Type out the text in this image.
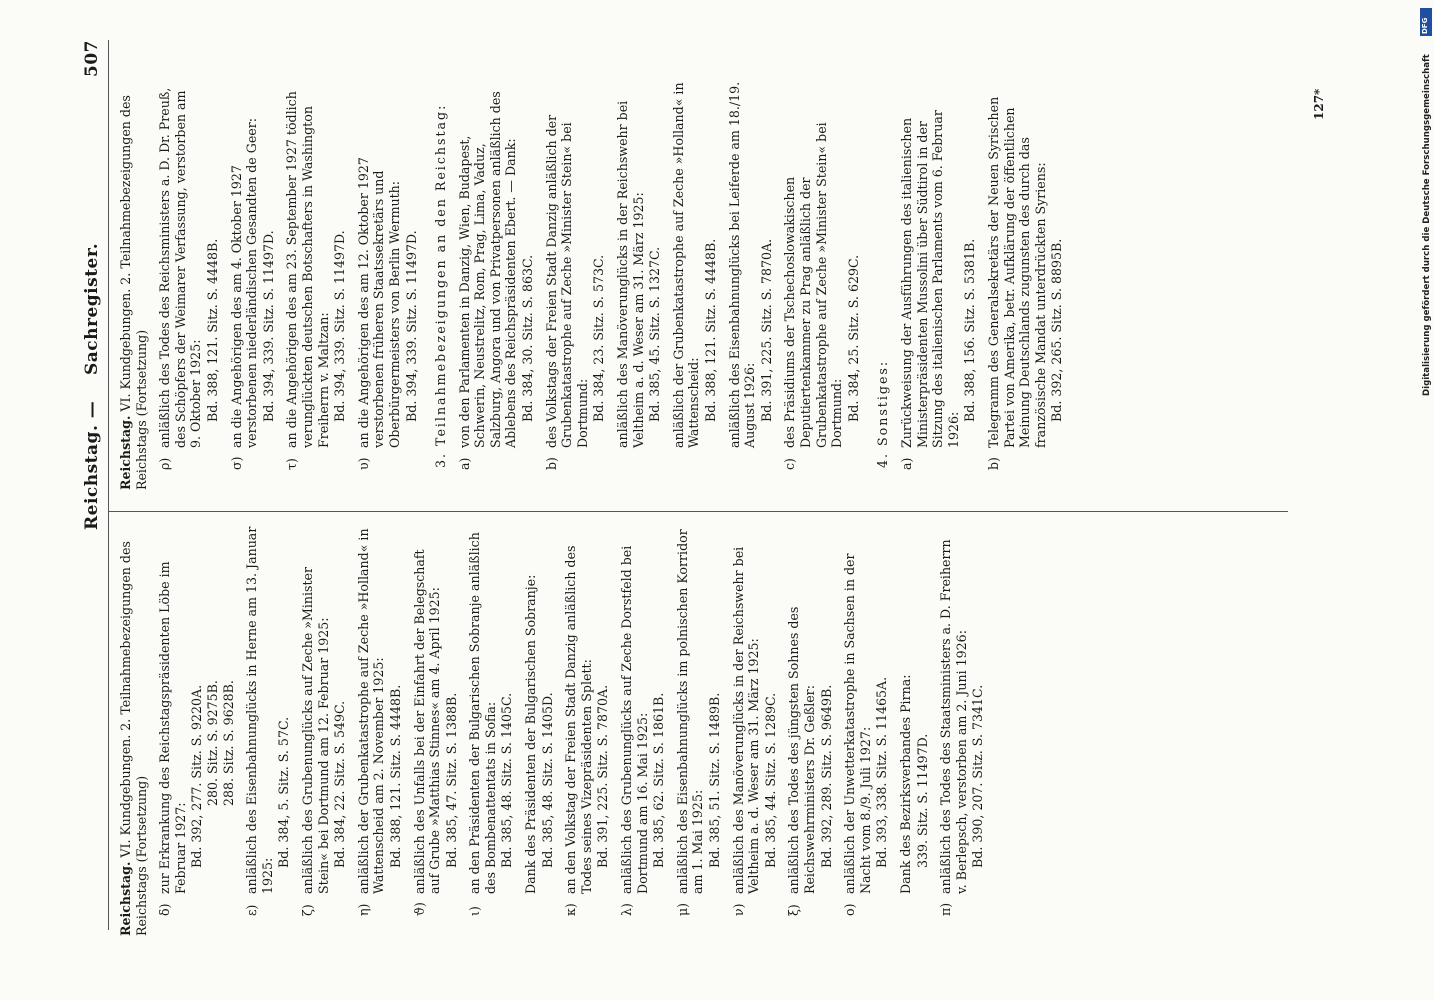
Reichstag. —
Sachregister.
507

Reichstag. VI. Kundgebungen. 2. Teilnahmebezeigungen des Reichstags (Fortsetzung) δ)
zur Erkrankung des Reichstagspräsidenten Löbe im Februar 1927: Bd. 392, 277. Sitz. S. 9220A. 280. Sitz. S. 9275B. 288. Sitz. S. 9628B.
ε)
anläßlich des Eisenbahnunglücks in Herne am 13. Januar 1925:
Bd. 384, 5. Sitz. S. 57C.
ζ)
anläßlich des Grubenunglücks auf Zeche »Minister Stein« bei Dortmund am 12. Februar 1925: Bd. 384, 22. Sitz. S. 549C.
η)
anläßlich der Grubenkatastrophe auf Zeche »Holland« in Wattenscheid am 2. November 1925: Bd. 388, 121. Sitz. S. 4448B.
ϑ)
anläßlich des Unfalls bei der Einfahrt der Belegschaft auf Grube »Matthias Stinnes« am 4. April 1925: Bd. 385, 47. Sitz. S. 1388B.
ι)
an den Präsidenten der Bulgarischen Sobranje anläßlich des Bombenattentats in Sofia: Bd. 385, 48. Sitz. S. 1405C. Dank des Präsidenten der Bulgarischen Sobranje: Bd. 385, 48. Sitz. S. 1405D.
κ)
an den Volkstag der Freien Stadt Danzig anläßlich des Todes seines Vizepräsidenten Splett: Bd. 391, 225. Sitz. S. 7870A.
λ)
anläßlich des Grubenunglücks auf Zeche Dorstfeld bei Dortmund am 16. Mai 1925: Bd. 385, 62. Sitz. S. 1861B.
μ)
anläßlich des Eisenbahnunglücks im polnischen Korridor am 1. Mai 1925: Bd. 385, 51. Sitz. S. 1489B.
ν)
anläßlich des Manöverunglücks in der Reichswehr bei Veltheim a. d. Weser am 31. März 1925: Bd. 385, 44. Sitz. S. 1289C.
ξ)
anläßlich des Todes des jüngsten Sohnes des Reichswehrministers Dr. Geßler: Bd. 392, 289. Sitz. S. 9649B.
ο)
anläßlich der Unwetterkatastrophe in Sachsen in der Nacht vom 8./9. Juli 1927: Bd. 393, 338. Sitz. S. 11465A. Dank des Bezirksverbandes Pirna: 339. Sitz. S. 11497D.
π)
anläßlich des Todes des Staatsministers a. D. Freiherrn v. Berlepsch, verstorben am 2. Juni 1926: Bd. 390, 207. Sitz. S. 7341C.

Reichstag. VI. Kundgebungen. 2. Teilnahmebezeigungen des Reichstags (Fortsetzung) ρ)
anläßlich des Todes des Reichsministers a. D. Dr. Preuß, des Schöpfers der Weimarer Verfassung, verstorben am 9. Oktober 1925: Bd. 388, 121. Sitz. S. 4448B.
σ)
an die Angehörigen des am 4. Oktober 1927 verstorbenen niederländischen Gesandten de Geer: Bd. 394, 339. Sitz. S. 11497D.
τ)
an die Angehörigen des am 23. September 1927 tödlich verunglückten deutschen Botschafters in Washington Freiherrn v. Maltzan: Bd. 394, 339. Sitz. S. 11497D.
υ)
an die Angehörigen des am 12. Oktober 1927 verstorbenen früheren Staatssekretärs und Oberbürgermeisters von Berlin Wermuth: Bd. 394, 339. Sitz. S. 11497D. 3. Teilnahmebezeigungen an den Reichstag: a)
von den Parlamenten in Danzig, Wien, Budapest, Schwerin, Neustrelitz, Rom, Prag, Lima, Vaduz, Salzburg, Angora und von Privatpersonen anläßlich des Ablebens des Reichspräsidenten Ebert. — Dank: Bd. 384, 30. Sitz. S. 863C.
b)
des Volkstags der Freien Stadt Danzig anläßlich der Grubenkatastrophe auf Zeche »Minister Stein« bei Dortmund: Bd. 384, 23. Sitz. S. 573C. anläßlich des Manöverunglücks in der Reichswehr bei Veltheim a. d. Weser am 31. März 1925: Bd. 385, 45. Sitz. S. 1327C. anläßlich der Grubenkatastrophe auf Zeche »Holland« in Wattenscheid: Bd. 388, 121. Sitz. S. 4448B. anläßlich des Eisenbahnunglücks bei Leiferde am 18./19. August 1926: Bd. 391, 225. Sitz. S. 7870A.
c)
des Präsidiums der Tschechoslowakischen Deputiertenkammer zu Prag anläßlich der Grubenkatastrophe auf Zeche »Minister Stein« bei Dortmund: Bd. 384, 25. Sitz. S. 629C. 4. Sonstiges: a)
Zurückweisung der Ausführungen des italienischen Ministerpräsidenten Mussolini über Südtirol in der Sitzung des italienischen Parlaments vom 6. Februar 1926:
Bd. 388, 156. Sitz. S. 5381B.
b)
Telegramm des Generalsekretärs der Neuen Syrischen Partei von Amerika, betr. Aufklärung der öffentlichen Meinung Deutschlands zugunsten des durch das französische Mandat unterdrückten Syriens: Bd. 392, 265. Sitz. S. 8895B.
127*
DFG
Digitalisierung gefördert durch die Deutsche Forschungsgemeinschaft
